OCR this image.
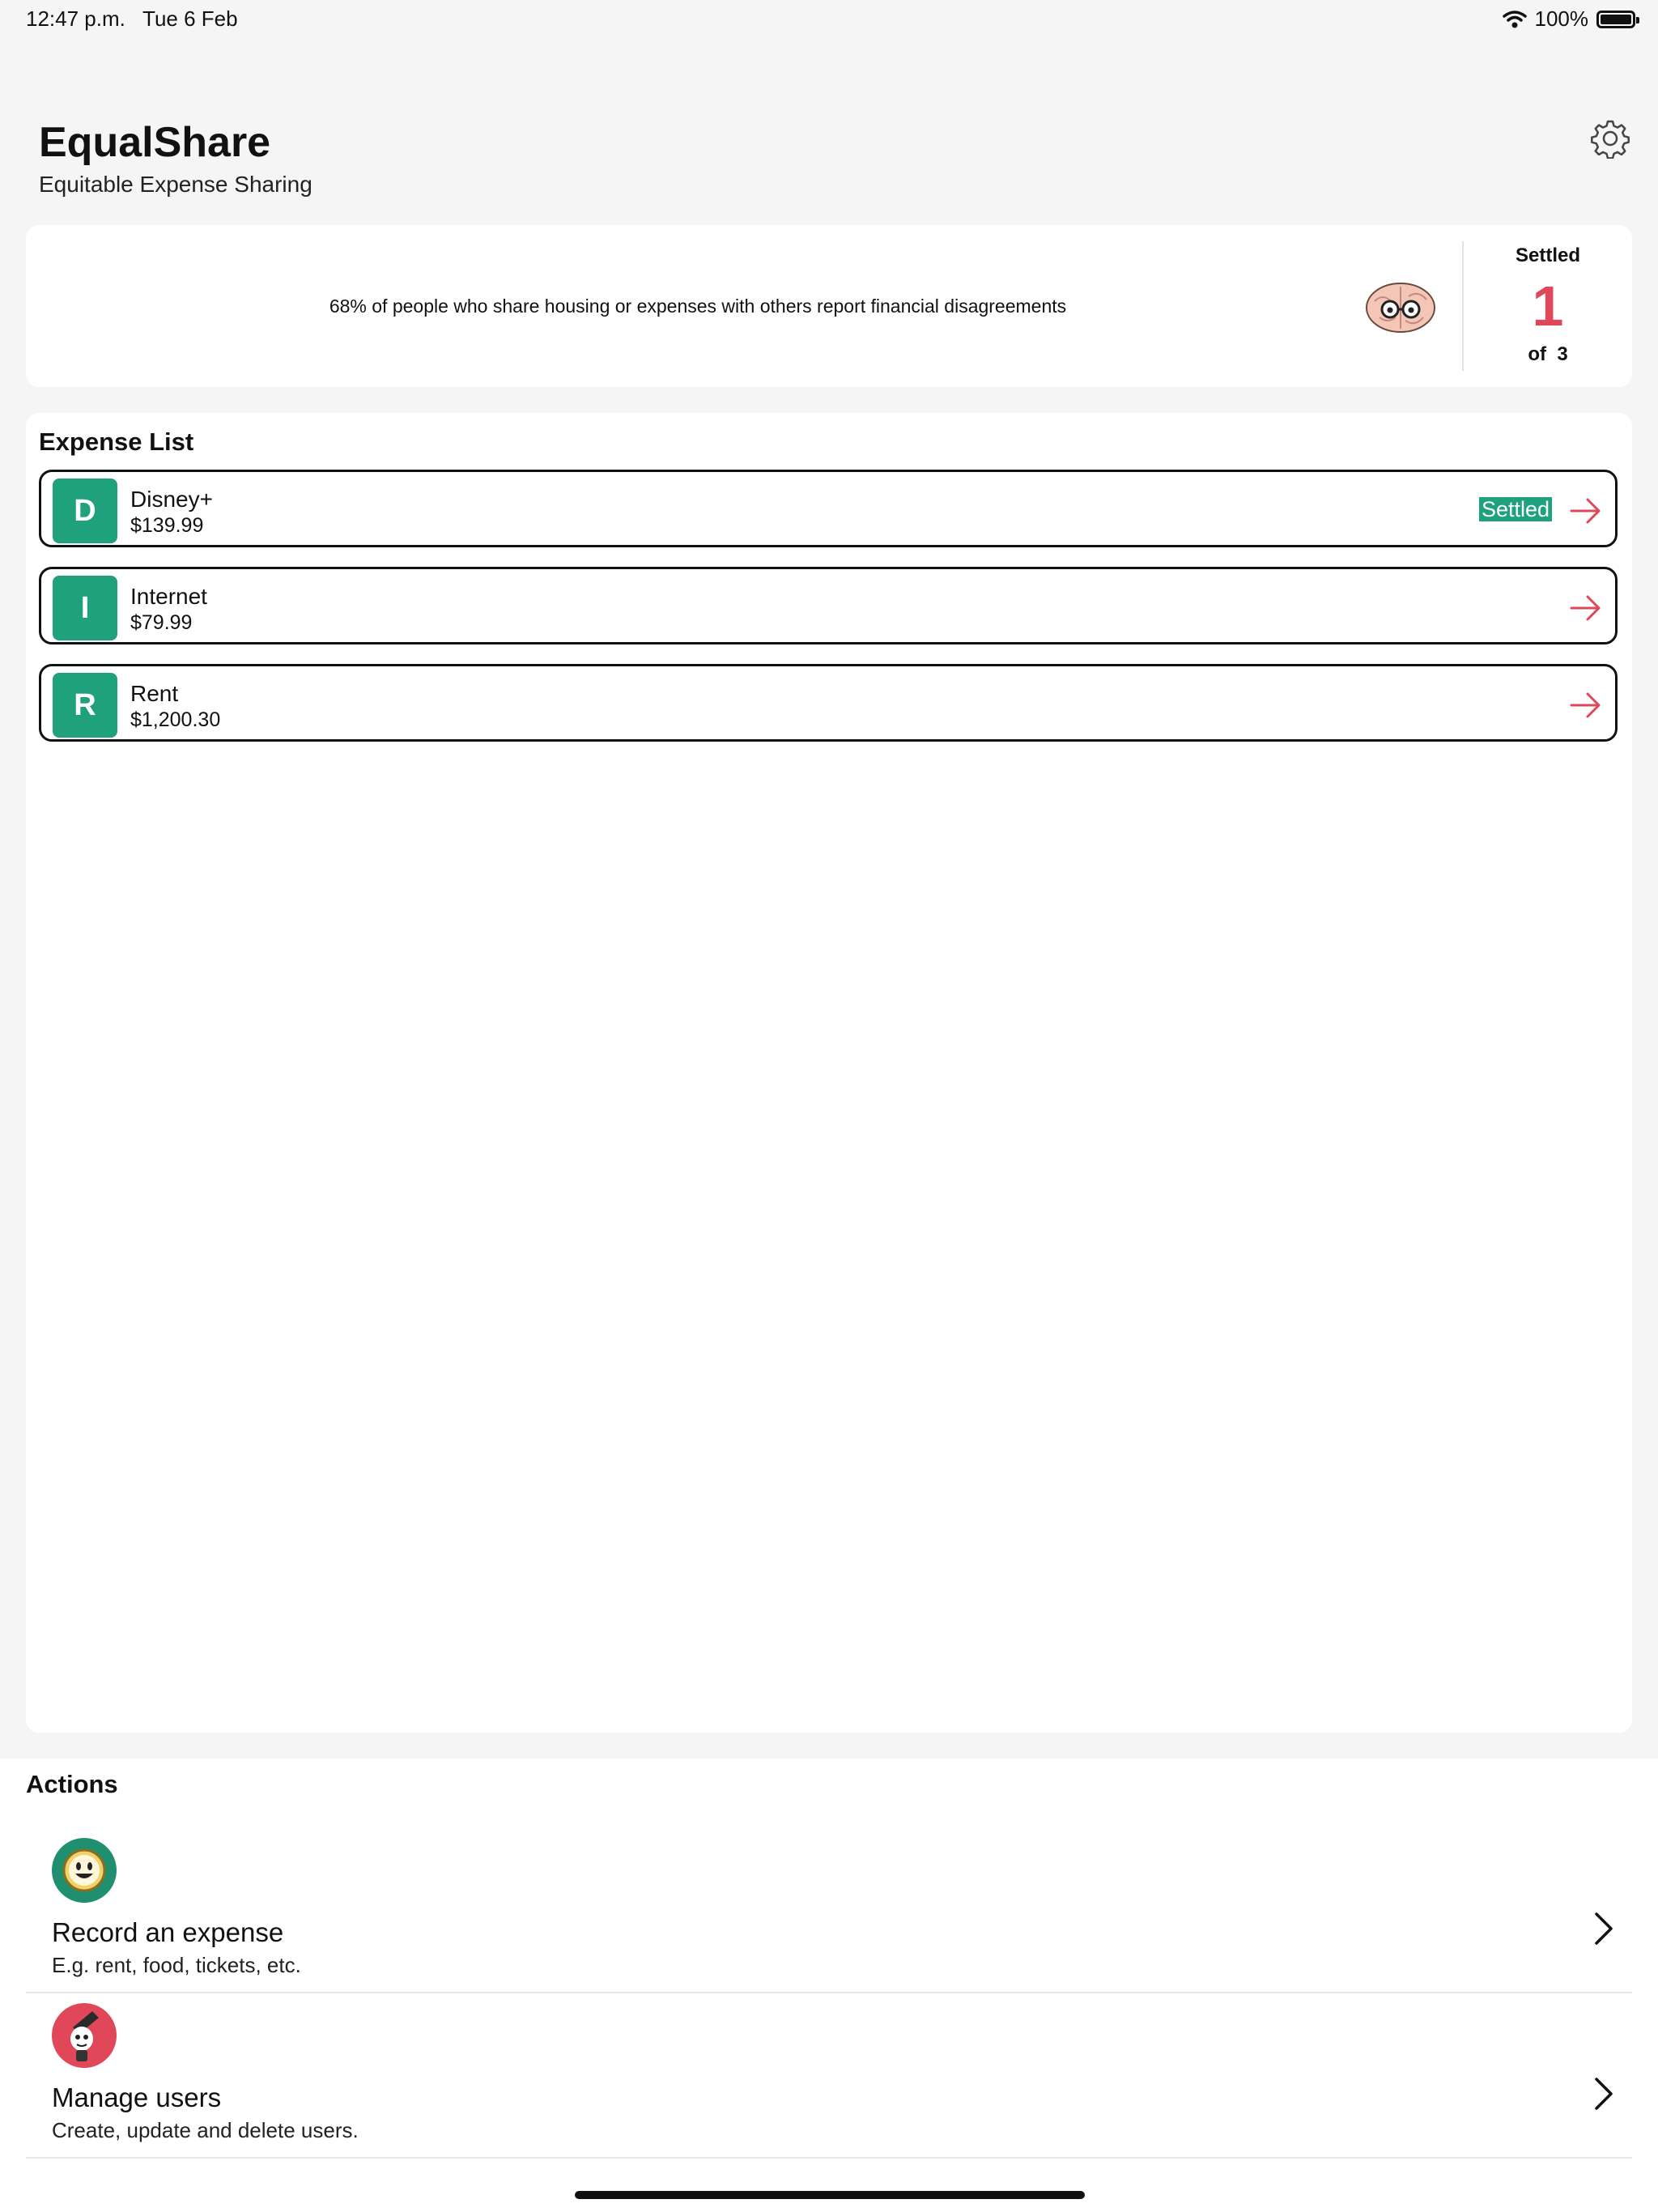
12:47 p.m.   Tue 6 Feb	100%
EqualShare
Equitable Expense Sharing
68% of people who share housing or expenses with others report financial disagreements
Settled
1
of  3
Expense List
D	Disney+
$139.99
Settled
I	Internet
$79.99
R	Rent
$1,200.30
Actions
Record an expense
E.g. rent, food, tickets, etc.
Manage users
Create, update and delete users.
